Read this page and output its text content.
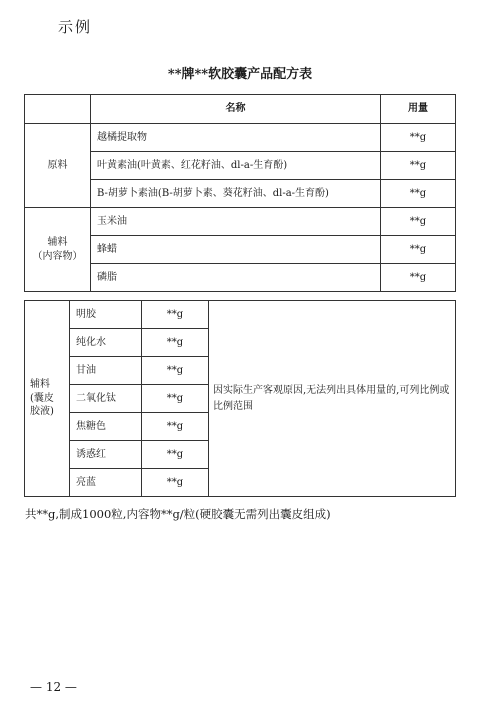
示例
**牌**软胶囊产品配方表
	名称	用量
原料	越橘提取物	**g
	叶黄素油(叶黄素、红花籽油、dl-a-生育酚)	**g
	B-胡萝卜素油(B-胡萝卜素、葵花籽油、dl-a-生育酚)	**g

辅料
（内容物）	玉米油	**g
	蜂蜡	**g
	磷脂	**g
辅料
(囊皮
胶液)	明胶	**g	因实际生产客观原因,无法列出具体用量的,可列比例或比例范围
	纯化水	**g	
	甘油	**g	
	二氧化钛	**g	
	焦糖色	**g	
	诱惑红	**g	
	亮蓝	**g	
共**g,制成1000粒,内容物**g/粒(硬胶囊无需列出囊皮组成)
— 12 —
